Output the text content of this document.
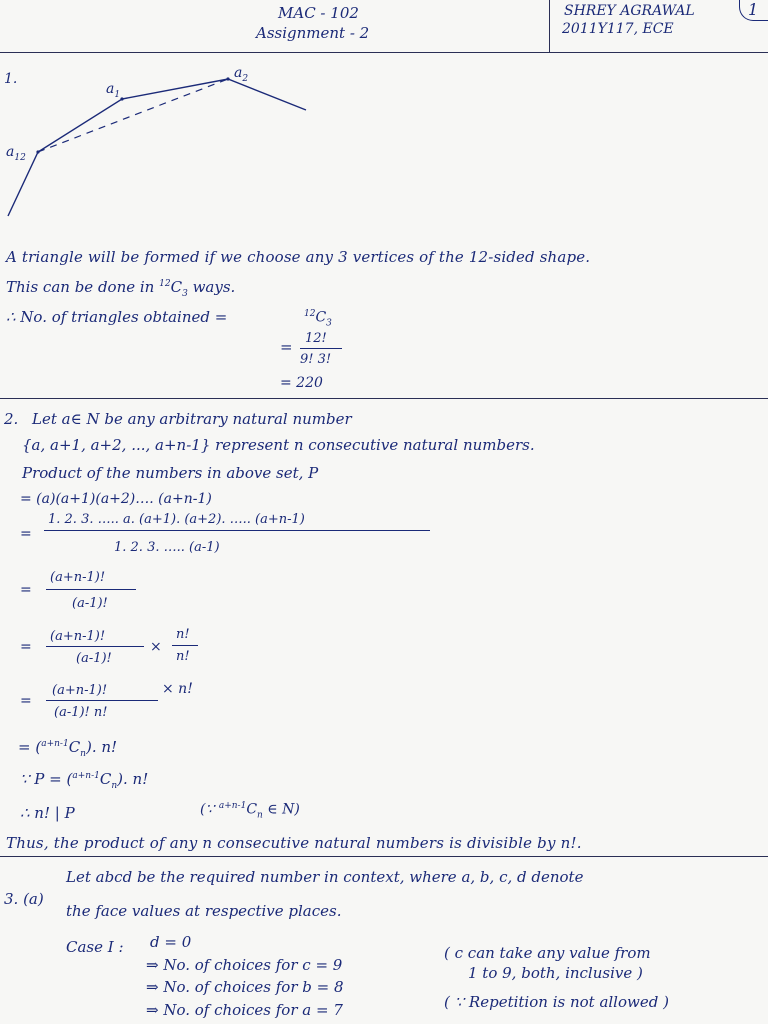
MAC - 102
Assignment - 2
SHREY AGRAWAL
2011Y117, ECE
1
1.
$a_1$
$a_2$
$a_{12}$
A triangle will be formed if we choose any 3 vertices of the 12-sided shape.
This can be done in $^{12}C_3$ ways.
∴ No. of triangles obtained =	$^{12}C_3$
= 12!
9! 3!
= 220
2. Let a∈ N be any arbitrary natural number
{a, a+1, a+2, ..., a+n-1} represent n consecutive natural numbers.
Product of the numbers in above set, P
= (a)(a+1)(a+2)…. (a+n-1)
=
1. 2. 3. ….. a. (a+1). (a+2). ….. (a+n-1)
1. 2. 3. ….. (a-1)
=
(a+n-1)!
(a-1)!
=
(a+n-1)!
(a-1)!
×
n!
n!
=
(a+n-1)!
(a-1)! n!
× n!
= $(^{a+n-1}C_n)$. n!
∵ $P = (^{a+n-1}C_n)$. n!
∴ n! | P	(∵ $^{a+n-1}C_n$ ∈ N)
Thus, the product of any n consecutive natural numbers is divisible by n!.
3. (a)
Let abcd be the required number in context, where a, b, c, d denote
the face values at respective places.
Case I : d = 0
⇒ No. of choices for c = 9
⇒ No. of choices for b = 8
⇒ No. of choices for a = 7
( c can take any value from
1 to 9, both, inclusive )
( ∵ Repetition is not allowed )
